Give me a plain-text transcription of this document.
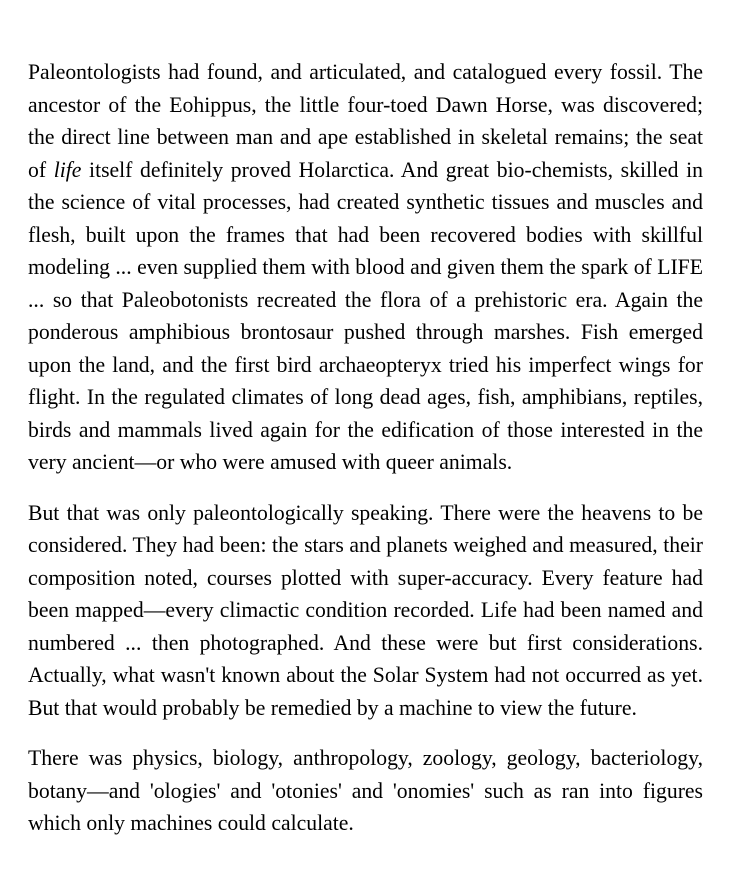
Paleontologists had found, and articulated, and catalogued every fossil. The ancestor of the Eohippus, the little four-toed Dawn Horse, was discovered; the direct line between man and ape established in skeletal remains; the seat of life itself definitely proved Holarctica. And great bio-chemists, skilled in the science of vital processes, had created synthetic tissues and muscles and flesh, built upon the frames that had been recovered bodies with skillful modeling ... even supplied them with blood and given them the spark of LIFE ... so that Paleobotonists recreated the flora of a prehistoric era. Again the ponderous amphibious brontosaur pushed through marshes. Fish emerged upon the land, and the first bird archaeopteryx tried his imperfect wings for flight. In the regulated climates of long dead ages, fish, amphibians, reptiles, birds and mammals lived again for the edification of those interested in the very ancient—or who were amused with queer animals.

But that was only paleontologically speaking. There were the heavens to be considered. They had been: the stars and planets weighed and measured, their composition noted, courses plotted with super-accuracy. Every feature had been mapped—every climactic condition recorded. Life had been named and numbered ... then photographed. And these were but first considerations. Actually, what wasn't known about the Solar System had not occurred as yet. But that would probably be remedied by a machine to view the future.

There was physics, biology, anthropology, zoology, geology, bacteriology, botany—and 'ologies' and 'otonies' and 'onomies' such as ran into figures which only machines could calculate.
